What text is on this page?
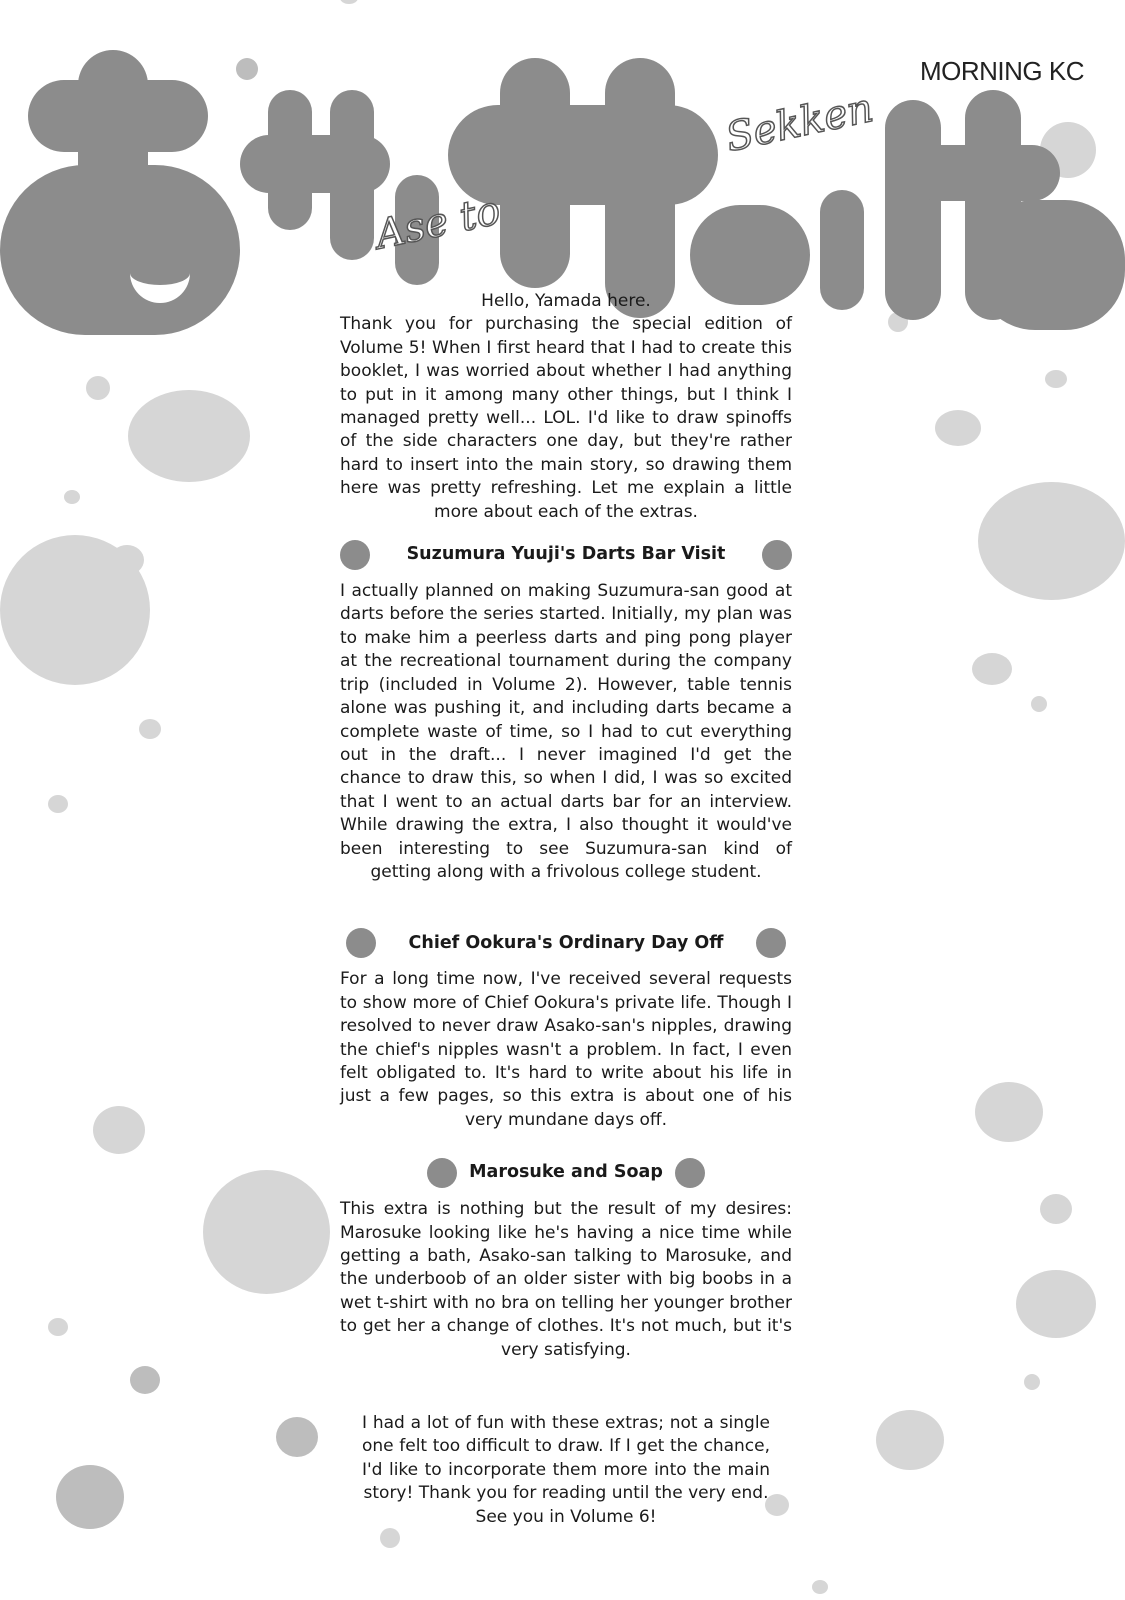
Sekken
Ase to
MORNING KC

Hello, Yamada here.

Thank you for purchasing the special edition of Volume 5! When I first heard that I had to create this booklet, I was worried about whether I had anything to put in it among many other things, but I think I managed pretty well... LOL. I'd like to draw spinoffs of the side characters one day, but they're rather hard to insert into the main story, so drawing them here was pretty refreshing. Let me explain a little more about each of the extras.

Suzumura Yuuji's Darts Bar Visit

I actually planned on making Suzumura-san good at darts before the series started. Initially, my plan was to make him a peerless darts and ping pong player at the recreational tournament during the company trip (included in Volume 2). However, table tennis alone was pushing it, and including darts became a complete waste of time, so I had to cut everything out in the draft... I never imagined I'd get the chance to draw this, so when I did, I was so excited that I went to an actual darts bar for an interview. While drawing the extra, I also thought it would've been interesting to see Suzumura-san kind of getting along with a frivolous college student.

Chief Ookura's Ordinary Day Off

For a long time now, I've received several requests to show more of Chief Ookura's private life. Though I resolved to never draw Asako-san's nipples, drawing the chief's nipples wasn't a problem. In fact, I even felt obligated to. It's hard to write about his life in just a few pages, so this extra is about one of his very mundane days off.

Marosuke and Soap

This extra is nothing but the result of my desires: Marosuke looking like he's having a nice time while getting a bath, Asako-san talking to Marosuke, and the underboob of an older sister with big boobs in a wet t-shirt with no bra on telling her younger brother to get her a change of clothes. It's not much, but it's very satisfying.

I had a lot of fun with these extras; not a single one felt too difficult to draw. If I get the chance, I'd like to incorporate them more into the main story! Thank you for reading until the very end.

See you in Volume 6!
